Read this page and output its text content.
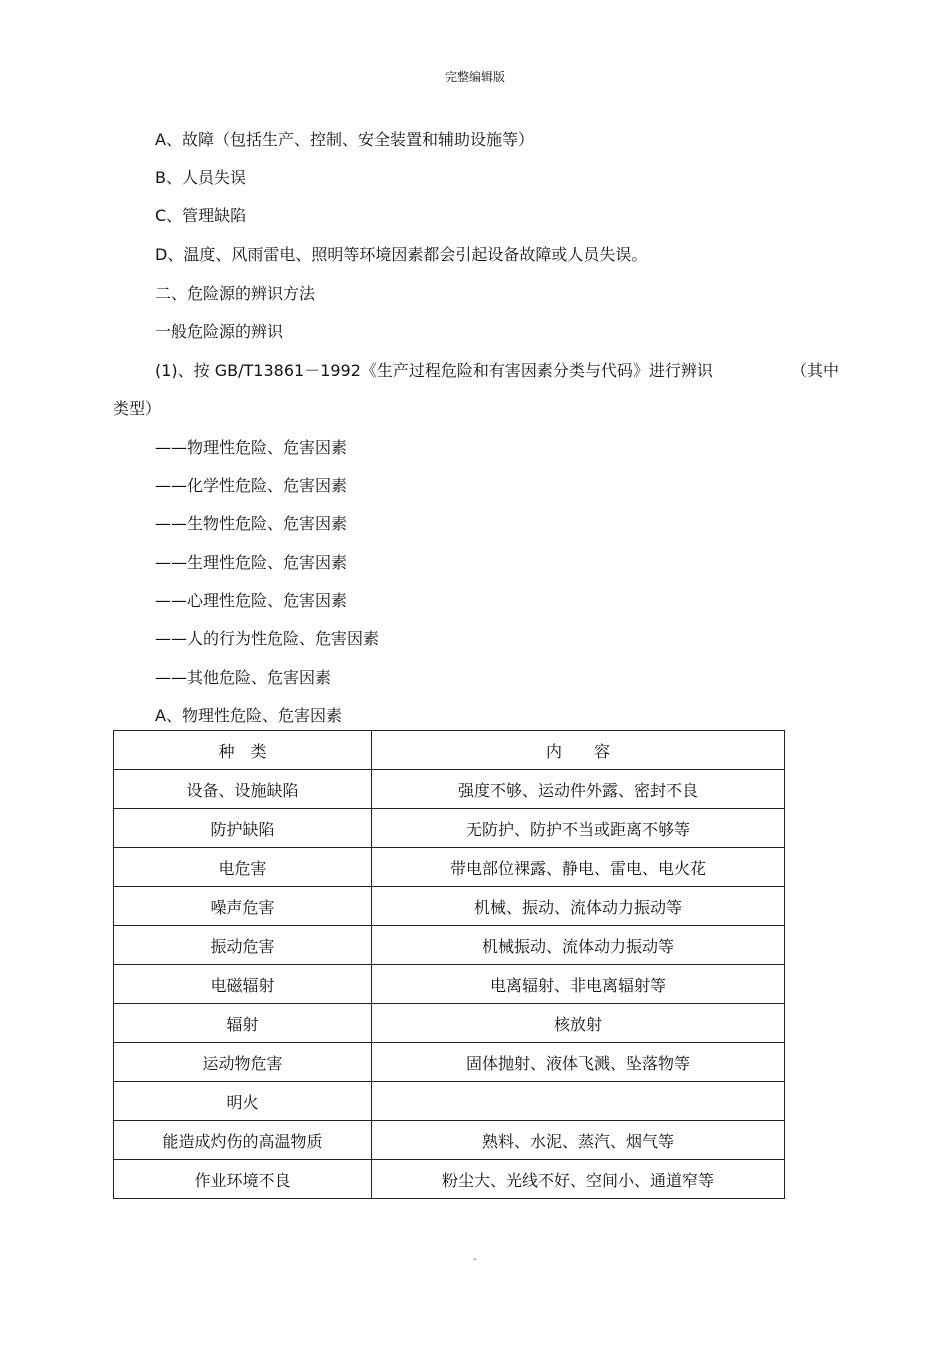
完整编辑版
A、故障（包括生产、控制、安全装置和辅助设施等）
B、人员失误
C、管理缺陷
D、温度、风雨雷电、照明等环境因素都会引起设备故障或人员失误。
二、危险源的辨识方法
一般危险源的辨识
(1)、按 GB/T13861－1992《生产过程危险和有害因素分类与代码》进行辨识	（其中
类型）
——物理性危险、危害因素
——化学性危险、危害因素
——生物性危险、危害因素
——生理性危险、危害因素
——心理性危险、危害因素
——人的行为性危险、危害因素
——其他危险、危害因素
A、物理性危险、危害因素
种　类	内　　容
设备、设施缺陷	强度不够、运动件外露、密封不良
防护缺陷	无防护、防护不当或距离不够等
电危害	带电部位裸露、静电、雷电、电火花
噪声危害	机械、振动、流体动力振动等
振动危害	机械振动、流体动力振动等
电磁辐射	电离辐射、非电离辐射等
辐射	核放射
运动物危害	固体抛射、液体飞溅、坠落物等
明火	
能造成灼伤的高温物质	熟料、水泥、蒸汽、烟气等
作业环境不良	粉尘大、光线不好、空间小、通道窄等
.
